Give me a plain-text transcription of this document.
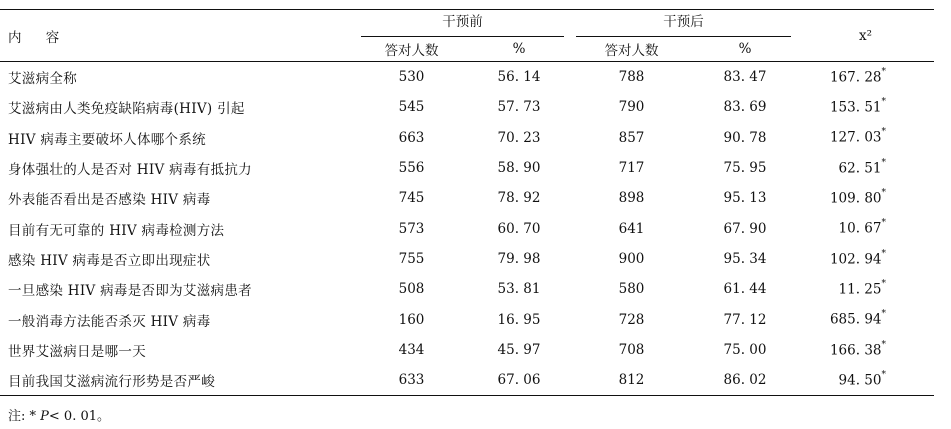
内 容	干预前		干预后		x²
	答对人数	%	答对人数	%	

艾滋病全称	530	56. 14	788	83. 47	167. 28*
艾滋病由人类免疫缺陷病毒(HIV) 引起	545	57. 73	790	83. 69	153. 51*
HIV 病毒主要破坏人体哪个系统	663	70. 23	857	90. 78	127. 03*
身体强壮的人是否对 HIV 病毒有抵抗力	556	58. 90	717	75. 95	62. 51*
外表能否看出是否感染 HIV 病毒	745	78. 92	898	95. 13	109. 80*
目前有无可靠的 HIV 病毒检测方法	573	60. 70	641	67. 90	10. 67*
感染 HIV 病毒是否立即出现症状	755	79. 98	900	95. 34	102. 94*
一旦感染 HIV 病毒是否即为艾滋病患者	508	53. 81	580	61. 44	11. 25*
一般消毒方法能否杀灭 HIV 病毒	160	16. 95	728	77. 12	685. 94*
世界艾滋病日是哪一天	434	45. 97	708	75. 00	166. 38*
目前我国艾滋病流行形势是否严峻	633	67. 06	812	86. 02	94. 50*

注: * P< 0. 01。
